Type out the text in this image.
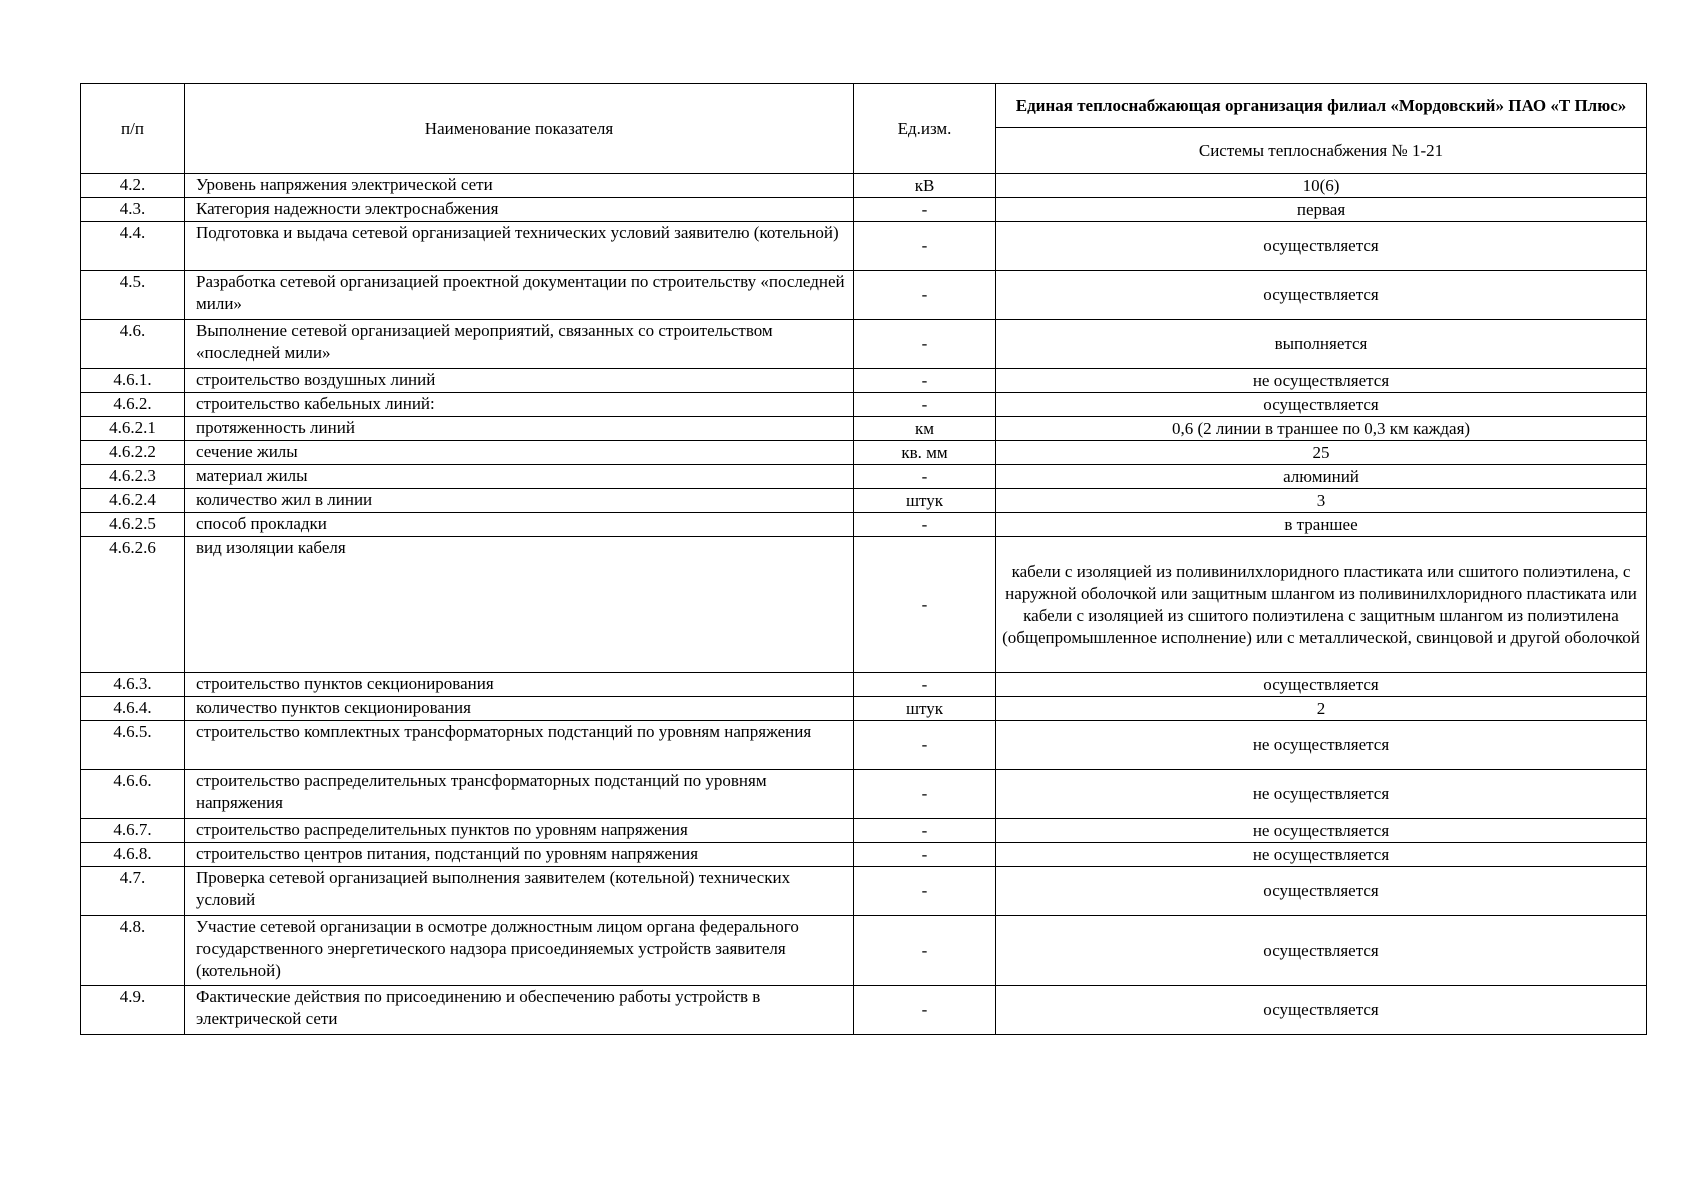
п/п	Наименование показателя	Ед.изм.	Единая теплоснабжающая организация филиал «Мордовский» ПАО «Т Плюс»
			Системы теплоснабжения № 1-21
4.2.	Уровень напряжения электрической сети	кВ	10(6)
4.3.	Категория надежности электроснабжения	-	первая
4.4.	Подготовка и выдача сетевой организацией технических условий заявителю (котельной)	-	осуществляется
4.5.	Разработка сетевой организацией проектной документации по строительству «последней мили»	-	осуществляется
4.6.	Выполнение сетевой организацией мероприятий, связанных со строительством «последней мили»	-	выполняется
4.6.1.	строительство воздушных линий	-	не осуществляется
4.6.2.	строительство кабельных линий:	-	осуществляется
4.6.2.1	протяженность линий	км	0,6 (2 линии в траншее по 0,3 км каждая)
4.6.2.2	сечение жилы	кв. мм	25
4.6.2.3	материал жилы	-	алюминий
4.6.2.4	количество жил в линии	штук	3
4.6.2.5	способ прокладки	-	в траншее
4.6.2.6	вид изоляции кабеля	-	кабели с изоляцией из поливинилхлоридного пластиката или сшитого полиэтилена, с наружной оболочкой или защитным шлангом из поливинилхлоридного пластиката или кабели с изоляцией из сшитого полиэтилена с защитным шлангом из полиэтилена (общепромышленное исполнение) или с металлической, свинцовой и другой оболочкой
4.6.3.	строительство пунктов секционирования	-	осуществляется
4.6.4.	количество пунктов секционирования	штук	2
4.6.5.	строительство комплектных трансформаторных подстанций по уровням напряжения	-	не осуществляется
4.6.6.	строительство распределительных трансформаторных подстанций по уровням напряжения	-	не осуществляется
4.6.7.	строительство распределительных пунктов по уровням напряжения	-	не осуществляется
4.6.8.	строительство центров питания, подстанций по уровням напряжения	-	не осуществляется
4.7.	Проверка сетевой организацией выполнения заявителем (котельной) технических условий	-	осуществляется
4.8.	Участие сетевой организации в осмотре должностным лицом органа федерального государственного энергетического надзора присоединяемых устройств заявителя (котельной)	-	осуществляется
4.9.	Фактические действия по присоединению и обеспечению работы устройств в электрической сети	-	осуществляется
